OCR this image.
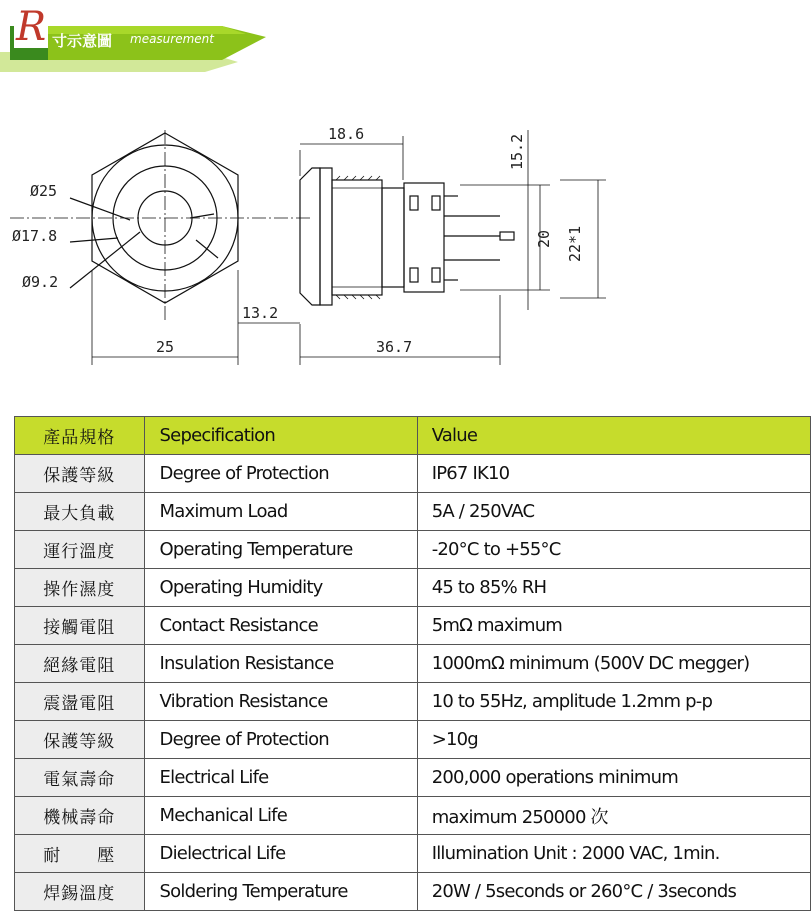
R 寸示意圖 measurement
Ø25
Ø17.8
Ø9.2
25
18.6
13.2
36.7
15.2
20 22*1
產品規格	Sepecification	Value
保護等級	Degree of Protection	IP67 IK10
最大負載	Maximum Load	5A / 250VAC
運行溫度	Operating Temperature	-20°C to +55°C
操作濕度	Operating Humidity	45 to 85% RH
接觸電阻	Contact Resistance	5mΩ maximum
絕緣電阻	Insulation Resistance	1000mΩ minimum (500V DC megger)
震盪電阻	Vibration Resistance	10 to 55Hz, amplitude 1.2mm p-p
保護等級	Degree of Protection	>10g
電氣壽命	Electrical Life	200,000 operations minimum
機械壽命	Mechanical Life	maximum 250000 次
耐　　壓	Dielectrical Life	Illumination Unit : 2000 VAC, 1min.
焊錫溫度	Soldering Temperature	20W / 5seconds or 260°C / 3seconds
